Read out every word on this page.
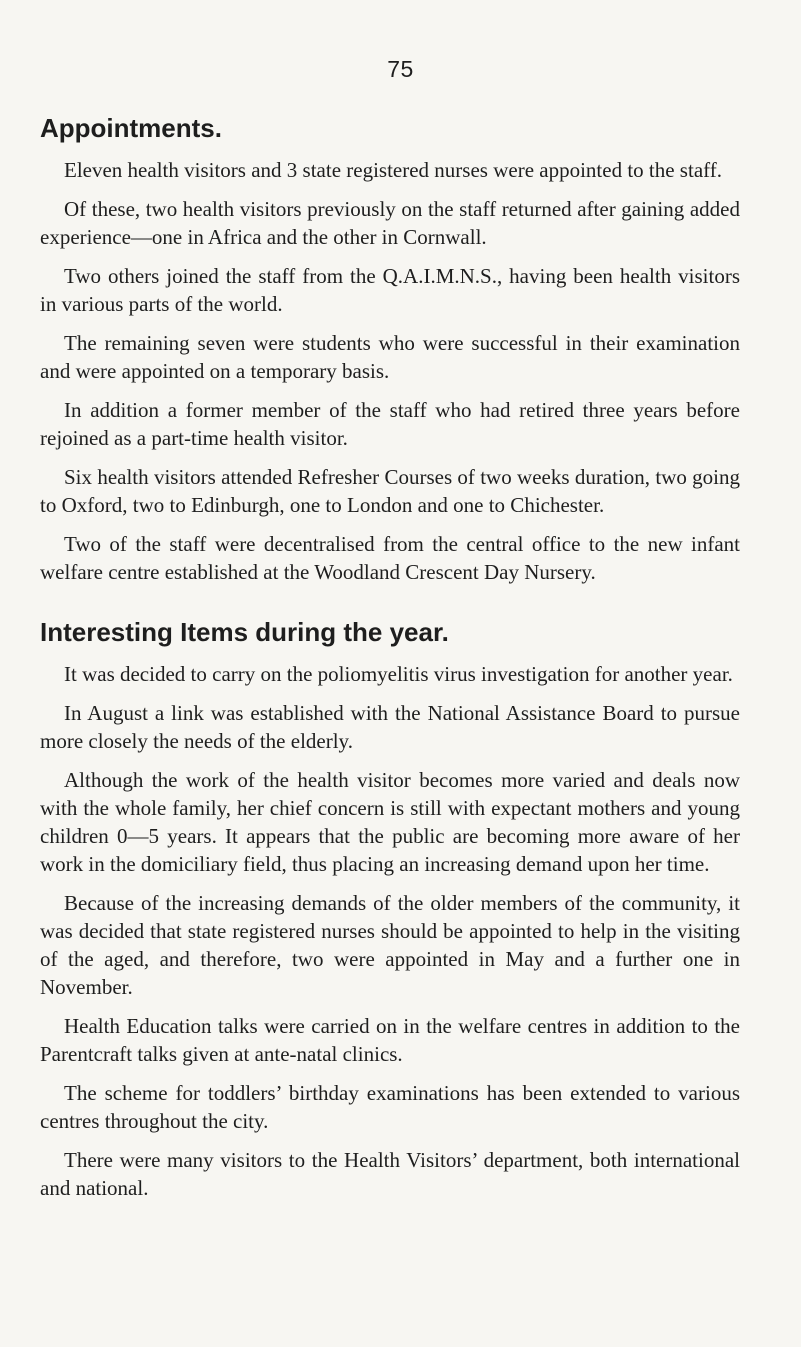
75
Appointments.

Eleven health visitors and 3 state registered nurses were appointed to the staff.

Of these, two health visitors previously on the staff returned after gaining added experience—one in Africa and the other in Cornwall.

Two others joined the staff from the Q.A.I.M.N.S., having been health visitors in various parts of the world.

The remaining seven were students who were successful in their examination and were appointed on a temporary basis.

In addition a former member of the staff who had retired three years before rejoined as a part-time health visitor.

Six health visitors attended Refresher Courses of two weeks duration, two going to Oxford, two to Edinburgh, one to London and one to Chichester.

Two of the staff were decentralised from the central office to the new infant welfare centre established at the Woodland Crescent Day Nursery.

Interesting Items during the year.

It was decided to carry on the poliomyelitis virus investigation for another year.

In August a link was established with the National Assistance Board to pursue more closely the needs of the elderly.

Although the work of the health visitor becomes more varied and deals now with the whole family, her chief concern is still with expectant mothers and young children 0—5 years. It appears that the public are becoming more aware of her work in the domiciliary field, thus placing an increasing demand upon her time.

Because of the increasing demands of the older members of the community, it was decided that state registered nurses should be appointed to help in the visiting of the aged, and therefore, two were appointed in May and a further one in November.

Health Education talks were carried on in the welfare centres in addition to the Parentcraft talks given at ante-natal clinics.

The scheme for toddlers’ birthday examinations has been extended to various centres throughout the city.

There were many visitors to the Health Visitors’ department, both international and national.
